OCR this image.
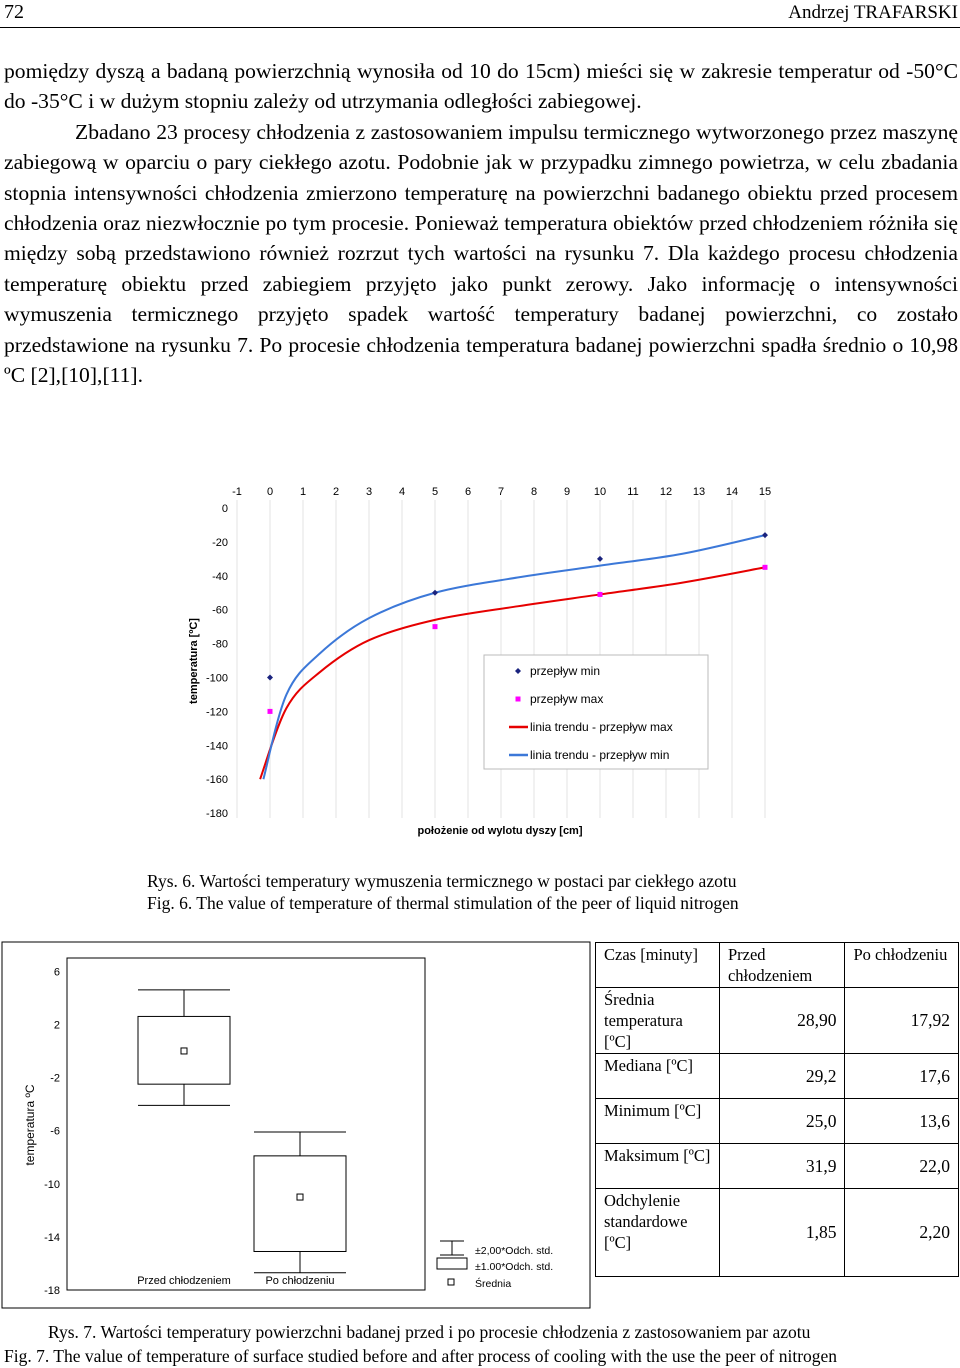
72	Andrzej TRAFARSKI

pomiędzy dyszą a badaną powierzchnią wynosiła od 10 do 15cm) mieści się w zakresie temperatur od -50°C do -35°C i w dużym stopniu zależy od utrzymania odległości zabiegowej.

Zbadano 23 procesy chłodzenia z zastosowaniem impulsu termicznego wytworzonego przez maszynę zabiegową w oparciu o pary ciekłego azotu. Podobnie jak w przypadku zimnego powietrza, w celu zbadania stopnia intensywności chłodzenia zmierzono temperaturę na powierzchni badanego obiektu przed procesem chłodzenia oraz niezwłocznie po tym procesie. Ponieważ temperatura obiektów przed chłodzeniem różniła się między sobą przedstawiono również rozrzut tych wartości na rysunku 7. Dla każdego procesu chłodzenia temperaturę obiektu przed zabiegiem przyjęto jako punkt zerowy. Jako informację o intensywności wymuszenia termicznego przyjęto spadek wartość temperatury badanej powierzchni, co zostało przedstawione na rysunku 7. Po procesie chłodzenia temperatura badanej powierzchni spadła średnio o 10,98 ºC [2],[10],[11].

-1 0 1 2 3 4 5 6 7 8 9 10 11 12 13 14 15
0
-20
-40
-60
-80
-100
-120
-140
-160
-180
temperatura [ºC]
położenie od wylotu dyszy [cm]
przepływ min
przepływ max
linia trendu - przepływ max
linia trendu - przepływ min
Rys. 6. Wartości temperatury wymuszenia termicznego w postaci par ciekłego azotu
Fig. 6. The value of temperature of thermal stimulation of the peer of liquid nitrogen
6
2
-2
-6
-10
-14
-18
Przed chłodzeniem	Po chłodzeniu
temperatura ºC
±2,00*Odch. std.
±1.00*Odch. std.
Średnia
Czas [minuty]	Przed chłodzeniem	Po chłodzeniu
Średnia temperatura [ºC]	28,90	17,92
Mediana [ºC]	29,2	17,6
Minimum [ºC]	25,0	13,6
Maksimum [ºC]	31,9	22,0
Odchylenie standardowe [ºC]	1,85	2,20
Rys. 7. Wartości temperatury powierzchni badanej przed i po procesie chłodzenia z zastosowaniem par azotu
Fig. 7. The value of temperature of surface studied before and after process of cooling with the use the peer of nitrogen
